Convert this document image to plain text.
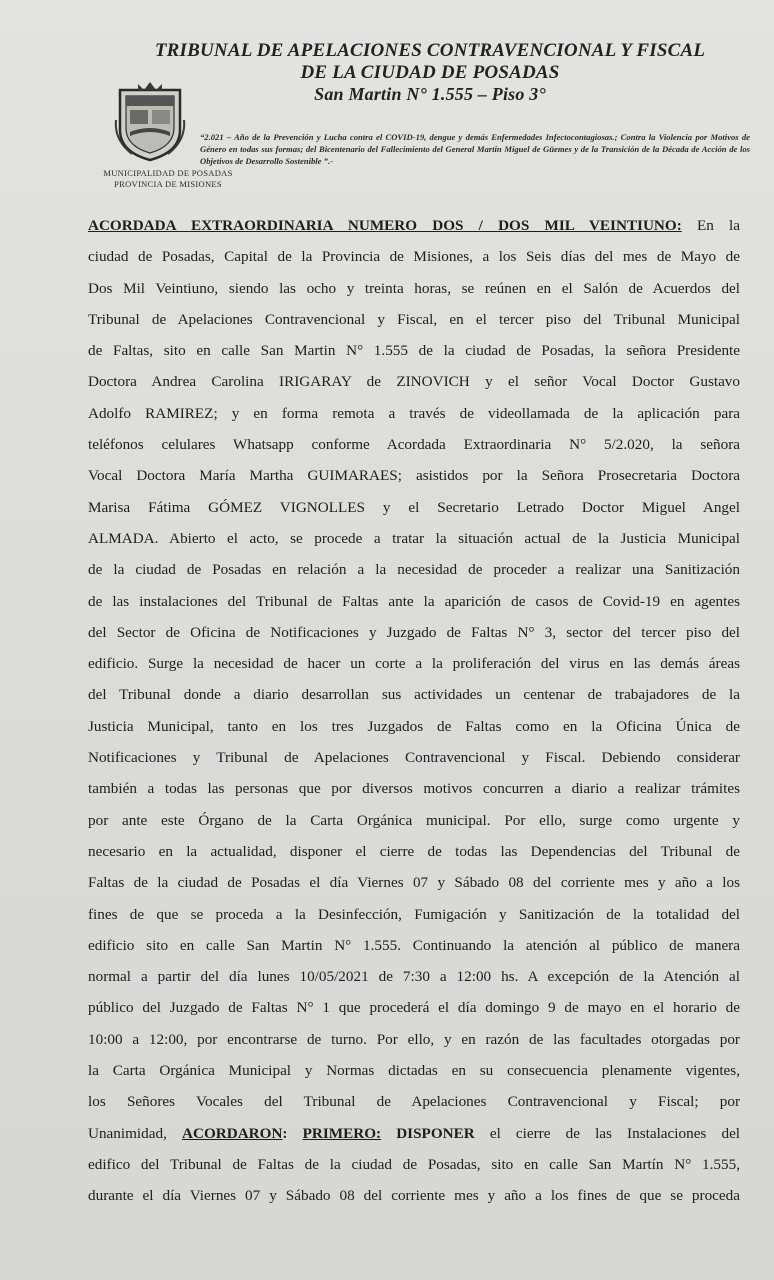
TRIBUNAL DE APELACIONES CONTRAVENCIONAL Y FISCAL
DE LA CIUDAD DE POSADAS
San Martin N° 1.555 – Piso 3°
MUNICIPALIDAD DE POSADAS
PROVINCIA DE MISIONES
“2.021 – Año de la Prevención y Lucha contra el COVID-19, dengue y demás Enfermedades Infectocontagiosas.; Contra la Violencia por Motivos de Género en todas sus formas; del Bicentenario del Fallecimiento del General Martin Miguel de Güemes y de la Transición de la Década de Acción de los Objetivos de Desarrollo Sostenible ”.-
ACORDADA EXTRAORDINARIA NUMERO DOS / DOS MIL VEINTIUNO: En la
ciudad de Posadas, Capital de la Provincia de Misiones, a los Seis días del mes de Mayo de
Dos Mil Veintiuno, siendo las ocho y treinta horas, se reúnen en el Salón de Acuerdos del
Tribunal de Apelaciones Contravencional y Fiscal, en el tercer piso del Tribunal Municipal
de Faltas, sito en calle San Martin N° 1.555 de la ciudad de Posadas, la señora Presidente
Doctora Andrea Carolina IRIGARAY de ZINOVICH y el señor Vocal Doctor Gustavo
Adolfo RAMIREZ; y en forma remota a través de videollamada de la aplicación para
teléfonos celulares Whatsapp conforme Acordada Extraordinaria N° 5/2.020, la señora
Vocal Doctora María Martha GUIMARAES; asistidos por la Señora Prosecretaria Doctora
Marisa Fátima GÓMEZ VIGNOLLES y el Secretario Letrado Doctor Miguel Angel
ALMADA. Abierto el acto, se procede a tratar la situación actual de la Justicia Municipal
de la ciudad de Posadas en relación a la necesidad de proceder a realizar una Sanitización
de las instalaciones del Tribunal de Faltas ante la aparición de casos de Covid-19 en agentes
del Sector de Oficina de Notificaciones y Juzgado de Faltas N° 3, sector del tercer piso del
edificio. Surge la necesidad de hacer un corte a la proliferación del virus en las demás áreas
del Tribunal donde a diario desarrollan sus actividades un centenar de trabajadores de la
Justicia Municipal, tanto en los tres Juzgados de Faltas como en la Oficina Única de
Notificaciones y Tribunal de Apelaciones Contravencional y Fiscal. Debiendo considerar
también a todas las personas que por diversos motivos concurren a diario a realizar trámites
por ante este Órgano de la Carta Orgánica municipal. Por ello, surge como urgente y
necesario en la actualidad, disponer el cierre de todas las Dependencias del Tribunal de
Faltas de la ciudad de Posadas el día Viernes 07 y Sábado 08 del corriente mes y año a los
fines de que se proceda a la Desinfección, Fumigación y Sanitización de la totalidad del
edificio sito en calle San Martin N° 1.555. Continuando la atención al público de manera
normal a partir del día lunes 10/05/2021 de 7:30 a 12:00 hs. A excepción de la Atención al
público del Juzgado de Faltas N° 1 que procederá el día domingo 9 de mayo en el horario de
10:00 a 12:00, por encontrarse de turno. Por ello, y en razón de las facultades otorgadas por
la Carta Orgánica Municipal y Normas dictadas en su consecuencia plenamente vigentes,
los Señores Vocales del Tribunal de Apelaciones Contravencional y Fiscal; por
Unanimidad, ACORDARON: PRIMERO: DISPONER el cierre de las Instalaciones del
edifico del Tribunal de Faltas de la ciudad de Posadas, sito en calle San Martín N° 1.555,
durante el día Viernes 07 y Sábado 08 del corriente mes y año a los fines de que se proceda
